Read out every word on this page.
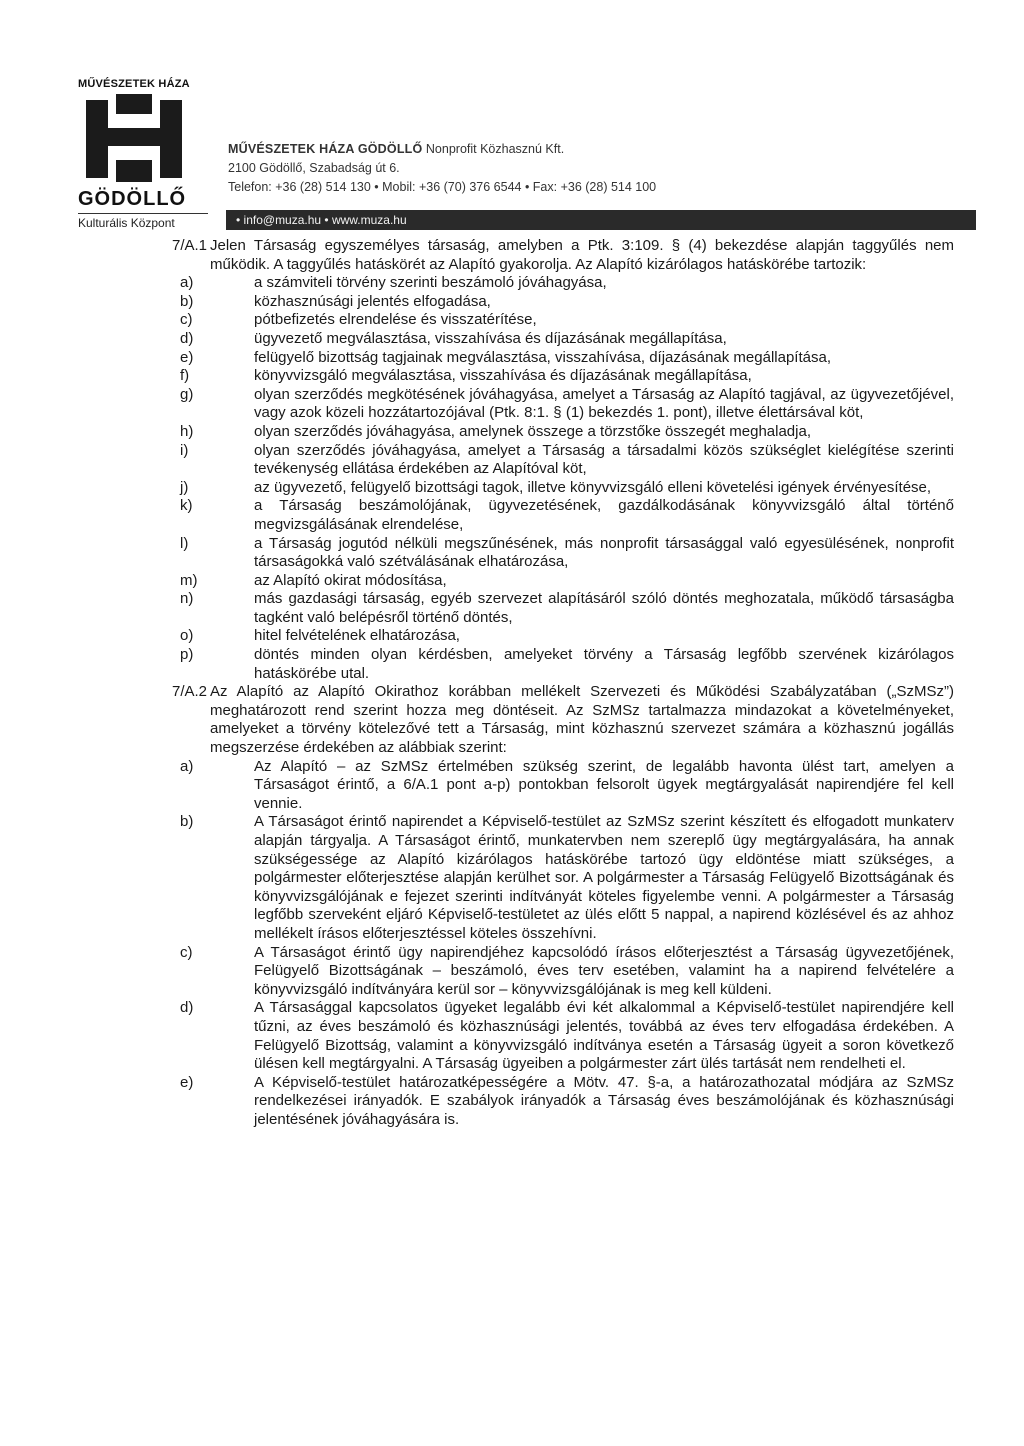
MŰVÉSZETEK HÁZA
GÖDÖLLŐ
Kulturális Központ
MŰVÉSZETEK HÁZA GÖDÖLLŐ Nonprofit Közhasznú Kft.
2100 Gödöllő, Szabadság út 6.
Telefon: +36 (28) 514 130 • Mobil: +36 (70) 376 6544 • Fax: +36 (28) 514 100
• info@muza.hu • www.muza.hu
7/A.1 Jelen Társaság egyszemélyes társaság, amelyben a Ptk. 3:109. § (4) bekezdése alapján taggyűlés nem működik. A taggyűlés hatáskörét az Alapító gyakorolja. Az Alapító kizárólagos hatáskörébe tartozik:
a)	a számviteli törvény szerinti beszámoló jóváhagyása,
b)	közhasznúsági jelentés elfogadása,
c)	pótbefizetés elrendelése és visszatérítése,
d)	ügyvezető megválasztása, visszahívása és díjazásának megállapítása,
e)	felügyelő bizottság tagjainak megválasztása, visszahívása, díjazásának megállapítása,
f)	könyvvizsgáló megválasztása, visszahívása és díjazásának megállapítása,
g)	olyan szerződés megkötésének jóváhagyása, amelyet a Társaság az Alapító tagjával, az ügyvezetőjével, vagy azok közeli hozzátartozójával (Ptk. 8:1. § (1) bekezdés 1. pont), illetve élettársával köt,
h)	olyan szerződés jóváhagyása, amelynek összege a törzstőke összegét meghaladja,
i)	olyan szerződés jóváhagyása, amelyet a Társaság a társadalmi közös szükséglet kielégítése szerinti tevékenység ellátása érdekében az Alapítóval köt,
j)	az ügyvezető, felügyelő bizottsági tagok, illetve könyvvizsgáló elleni követelési igények érvényesítése,
k)	a Társaság beszámolójának, ügyvezetésének, gazdálkodásának könyvvizsgáló által történő megvizsgálásának elrendelése,
l)	a Társaság jogutód nélküli megszűnésének, más nonprofit társasággal való egyesülésének, nonprofit társaságokká való szétválásának elhatározása,
m)	az Alapító okirat módosítása,
n)	más gazdasági társaság, egyéb szervezet alapításáról szóló döntés meghozatala, működő társaságba tagként való belépésről történő döntés,
o)	hitel felvételének elhatározása,
p)	döntés minden olyan kérdésben, amelyeket törvény a Társaság legfőbb szervének kizárólagos hatáskörébe utal.
7/A.2 Az Alapító az Alapító Okirathoz korábban mellékelt Szervezeti és Működési Szabályzatában („SzMSz”) meghatározott rend szerint hozza meg döntéseit. Az SzMSz tartalmazza mindazokat a követelményeket, amelyeket a törvény kötelezővé tett a Társaság, mint közhasznú szervezet számára a közhasznú jogállás megszerzése érdekében az alábbiak szerint:
a)	Az Alapító – az SzMSz értelmében szükség szerint, de legalább havonta ülést tart, amelyen a Társaságot érintő, a 6/A.1 pont a-p) pontokban felsorolt ügyek megtárgyalását napirendjére fel kell vennie.
b)	A Társaságot érintő napirendet a Képviselő-testület az SzMSz szerint készített és elfogadott munkaterv alapján tárgyalja. A Társaságot érintő, munkatervben nem szereplő ügy megtárgyalására, ha annak szükségessége az Alapító kizárólagos hatáskörébe tartozó ügy eldöntése miatt szükséges, a polgármester előterjesztése alapján kerülhet sor. A polgármester a Társaság Felügyelő Bizottságának és könyvvizsgálójának e fejezet szerinti indítványát köteles figyelembe venni. A polgármester a Társaság legfőbb szerveként eljáró Képviselő-testületet az ülés előtt 5 nappal, a napirend közlésével és az ahhoz mellékelt írásos előterjesztéssel köteles összehívni.
c)	A Társaságot érintő ügy napirendjéhez kapcsolódó írásos előterjesztést a Társaság ügyvezetőjének, Felügyelő Bizottságának – beszámoló, éves terv esetében, valamint ha a napirend felvételére a könyvvizsgáló indítványára kerül sor – könyvvizsgálójának is meg kell küldeni.
d)	A Társasággal kapcsolatos ügyeket legalább évi két alkalommal a Képviselő-testület napirendjére kell tűzni, az éves beszámoló és közhasznúsági jelentés, továbbá az éves terv elfogadása érdekében. A Felügyelő Bizottság, valamint a könyvvizsgáló indítványa esetén a Társaság ügyeit a soron következő ülésen kell megtárgyalni. A Társaság ügyeiben a polgármester zárt ülés tartását nem rendelheti el.
e)	A Képviselő-testület határozatképességére a Mötv. 47. §-a, a határozathozatal módjára az SzMSz rendelkezései irányadók. E szabályok irányadók a Társaság éves beszámolójának és közhasznúsági jelentésének jóváhagyására is.
